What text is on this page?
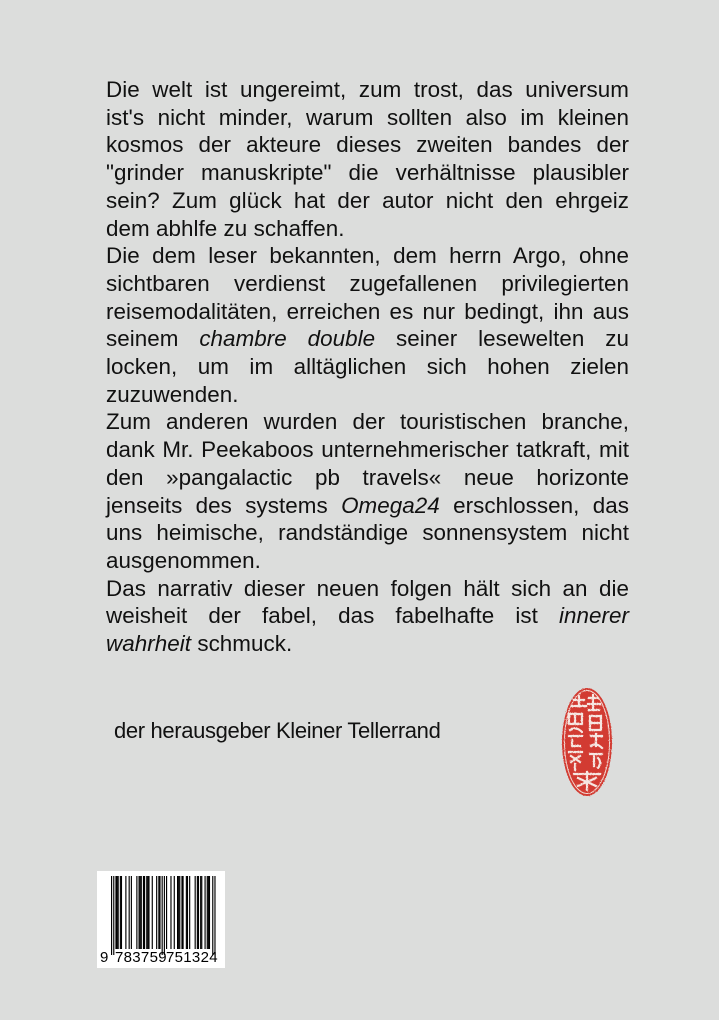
Die welt ist ungereimt, zum trost, das universum ist's nicht minder, warum sollten also im kleinen kosmos der akteure dieses zweiten bandes der "grinder manuskripte" die verhältnisse plausibler sein? Zum glück hat der autor nicht den ehrgeiz dem abhlfe zu schaffen.

Die dem leser bekannten, dem herrn Argo, ohne sichtbaren verdienst zugefallenen privilegierten reisemodalitäten, erreichen es nur bedingt, ihn aus seinem chambre double seiner lesewelten zu locken, um im alltäglichen sich hohen zielen zuzuwenden.

Zum anderen wurden der touristischen branche, dank Mr. Peekaboos unternehmerischer tatkraft, mit den »pangalactic pb travels« neue horizonte jenseits des systems Omega24 erschlossen, das uns heimische, randständige sonnensystem nicht ausgenommen.

Das narrativ dieser neuen folgen hält sich an die weisheit der fabel, das fabelhafte ist innerer wahrheit schmuck.

der herausgeber Kleiner Tellerrand
9 783759 751324
